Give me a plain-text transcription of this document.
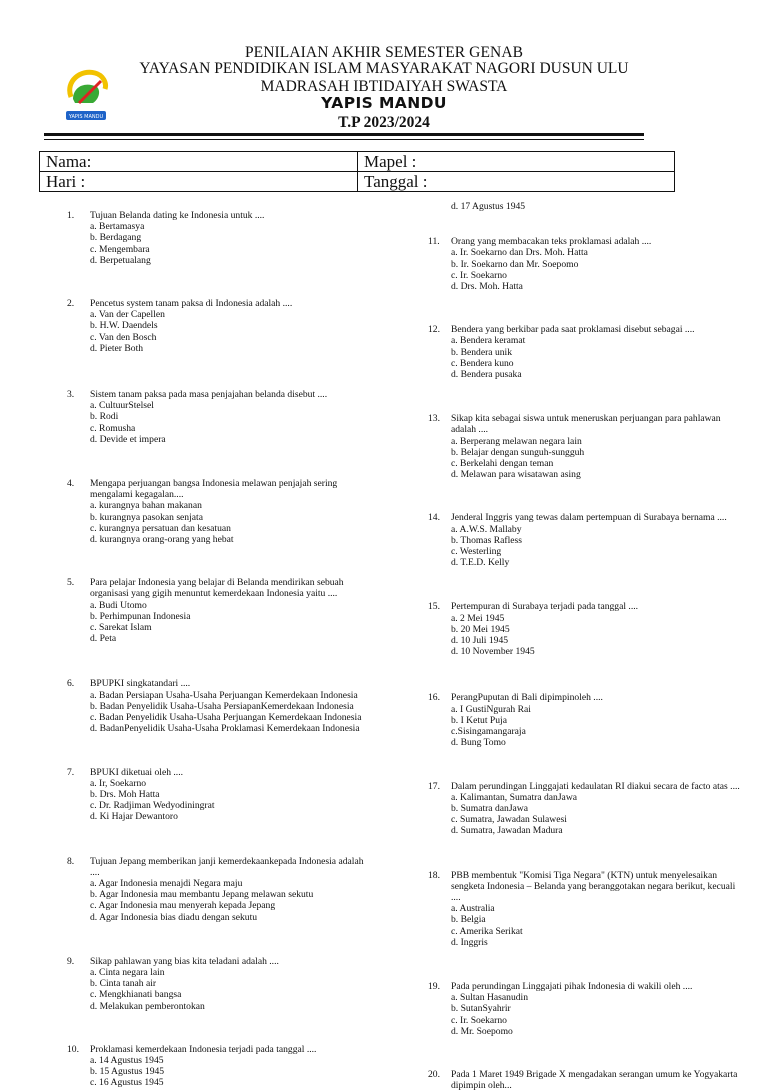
PENILAIAN AKHIR SEMESTER GENAB
YAYASAN PENDIDIKAN ISLAM MASYARAKAT NAGORI DUSUN ULU
MADRASAH IBTIDAIYAH SWASTA
YAPIS MANDU
T.P 2023/2024
YAPIS MANDU
Nama:	Mapel :
Hari :	Tanggal :
1.	Tujuan Belanda dating ke Indonesia untuk ....
a. Bertamasya
b. Berdagang
c. Mengembara
d. Berpetualang
2.	Pencetus system tanam paksa di Indonesia adalah ....
a. Van der Capellen
b. H.W. Daendels
c. Van den Bosch
d. Pieter Both
3.	Sistem tanam paksa pada masa penjajahan belanda disebut ....
a. CultuurStelsel
b. Rodi
c. Romusha
d. Devide et impera
4.	Mengapa perjuangan bangsa Indonesia melawan penjajah sering mengalami kegagalan....
a. kurangnya bahan makanan
b. kurangnya pasokan senjata
c. kurangnya persatuan dan kesatuan
d. kurangnya orang-orang yang hebat
5.	Para pelajar Indonesia yang belajar di Belanda mendirikan sebuah organisasi yang gigih menuntut kemerdekaan Indonesia yaitu ....
a. Budi Utomo
b. Perhimpunan Indonesia
c. Sarekat Islam
d. Peta
6.	BPUPKI singkatandari ....
a. Badan Persiapan Usaha-Usaha Perjuangan Kemerdekaan Indonesia
b. Badan Penyelidik Usaha-Usaha PersiapanKemerdekaan Indonesia
c. Badan Penyelidik Usaha-Usaha Perjuangan Kemerdekaan Indonesia
d. BadanPenyelidik Usaha-Usaha Proklamasi Kemerdekaan Indonesia
7.	BPUKI diketuai oleh ....
a. Ir, Soekarno
b. Drs. Moh Hatta
c. Dr. Radjiman Wedyodiningrat
d. Ki Hajar Dewantoro
8.	Tujuan Jepang memberikan janji kemerdekaankepada Indonesia adalah ....
a. Agar Indonesia menajdi Negara maju
b. Agar Indonesia mau membantu Jepang melawan sekutu
c. Agar Indonesia mau menyerah kepada Jepang
d. Agar Indonesia bias diadu dengan sekutu
9.	Sikap pahlawan yang bias kita teladani adalah ....
a. Cinta negara lain
b. Cinta tanah air
c. Mengkhianati bangsa
d. Melakukan pemberontokan
10.	Proklamasi kemerdekaan Indonesia terjadi pada tanggal ....
a. 14 Agustus 1945
b. 15 Agustus 1945
c. 16 Agustus 1945
d. 17 Agustus 1945
11.	Orang yang membacakan teks proklamasi adalah ....
a. Ir. Soekarno dan Drs. Moh. Hatta
b. Ir. Soekarno dan Mr. Soepomo
c. Ir. Soekarno
d. Drs. Moh. Hatta
12.	Bendera yang berkibar pada saat proklamasi disebut sebagai ....
a. Bendera keramat
b. Bendera unik
c. Bendera kuno
d. Bendera pusaka
13.	Sikap kita sebagai siswa untuk meneruskan perjuangan para pahlawan adalah ....
a. Berperang melawan negara lain
b. Belajar dengan sunguh-sungguh
c. Berkelahi dengan teman
d. Melawan para wisatawan asing
14.	Jenderal Inggris yang tewas dalam pertempuan di Surabaya bernama ....
a. A.W.S. Mallaby
b. Thomas Rafless
c. Westerling
d. T.E.D. Kelly
15.	Pertempuran di Surabaya terjadi pada tanggal ....
a. 2 Mei 1945
b. 20 Mei 1945
d. 10 Juli 1945
d. 10 November 1945
16.	PerangPuputan di Bali dipimpinoleh ....
a. I GustiNgurah Rai
b. I Ketut Puja
c.Sisingamangaraja
d. Bung Tomo
17.	Dalam perundingan Linggajati kedaulatan RI diakui secara de facto atas ....
a. Kalimantan, Sumatra danJawa
b. Sumatra danJawa
c. Sumatra, Jawadan Sulawesi
d. Sumatra, Jawadan Madura
18.	PBB membentuk "Komisi Tiga Negara" (KTN) untuk menyelesaikan sengketa Indonesia – Belanda yang beranggotakan negara berikut, kecuali ....
a. Australia
b. Belgia
c. Amerika Serikat
d. Inggris
19.	Pada perundingan Linggajati pihak Indonesia di wakili oleh ....
a. Sultan Hasanudin
b. SutanSyahrir
c. Ir. Soekarno
d. Mr. Soepomo
20.	Pada 1 Maret 1949 Brigade X mengadakan serangan umum ke Yogyakarta dipimpin oleh...
